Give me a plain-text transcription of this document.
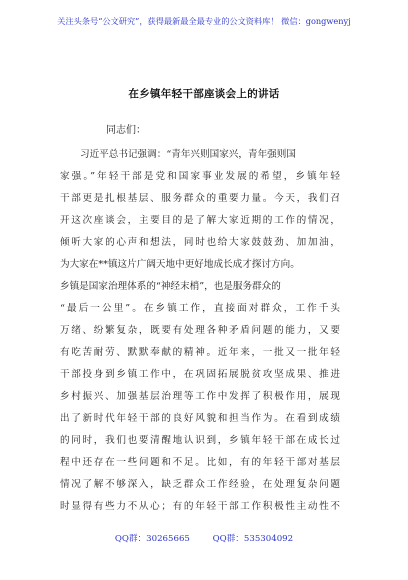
关注头条号“公文研究”，获得最新最全最专业的公文资料库！ 微信：gongwenyj
在乡镇年轻干部座谈会上的讲话
同志们：
习近平总书记强调：“青年兴则国家兴，青年强则国
家强。”年轻干部是党和国家事业发展的希望，乡镇年轻
干部更是扎根基层、服务群众的重要力量。今天，我们召
开这次座谈会，主要目的是了解大家近期的工作的情况，
倾听大家的心声和想法，同时也给大家鼓鼓劲、加加油，
为大家在**镇这片广阔天地中更好地成长成才探讨方向。
乡镇是国家治理体系的“神经末梢”，也是服务群众的
“最后一公里”。在乡镇工作，直接面对群众，工作千头
万绪、纷繁复杂，既要有处理各种矛盾问题的能力，又要
有吃苦耐劳、默默奉献的精神。近年来，一批又一批年轻
干部投身到乡镇工作中，在巩固拓展脱贫攻坚成果、推进
乡村振兴、加强基层治理等工作中发挥了积极作用，展现
出了新时代年轻干部的良好风貌和担当作为。在看到成绩
的同时，我们也要清醒地认识到，乡镇年轻干部在成长过
程中还存在一些问题和不足。比如，有的年轻干部对基层
情况了解不够深入，缺乏群众工作经验，在处理复杂问题
时显得有些力不从心；有的年轻干部工作积极性主动性不
QQ群：30265665	QQ群：535304092
